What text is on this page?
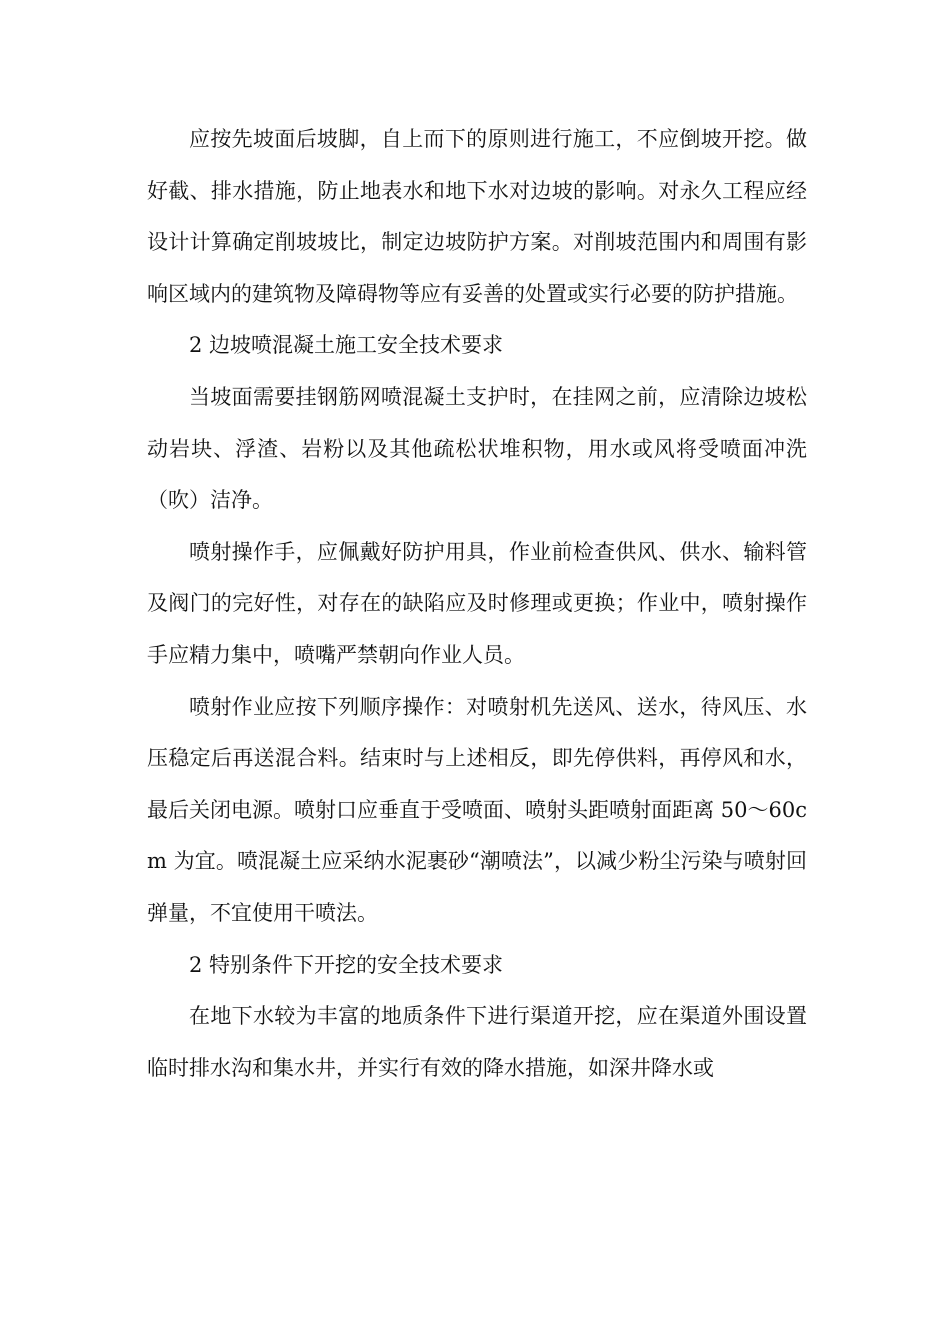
应按先坡面后坡脚，自上而下的原则进行施工，不应倒坡开挖。做好截、排水措施，防止地表水和地下水对边坡的影响。对永久工程应经设计计算确定削坡坡比，制定边坡防护方案。对削坡范围内和周围有影响区域内的建筑物及障碍物等应有妥善的处置或实行必要的防护措施。

2 边坡喷混凝土施工安全技术要求

当坡面需要挂钢筋网喷混凝土支护时，在挂网之前，应清除边坡松动岩块、浮渣、岩粉以及其他疏松状堆积物，用水或风将受喷面冲洗（吹）洁净。

喷射操作手，应佩戴好防护用具，作业前检查供风、供水、输料管及阀门的完好性，对存在的缺陷应及时修理或更换；作业中，喷射操作手应精力集中，喷嘴严禁朝向作业人员。

喷射作业应按下列顺序操作：对喷射机先送风、送水，待风压、水压稳定后再送混合料。结束时与上述相反，即先停供料，再停风和水，最后关闭电源。喷射口应垂直于受喷面、喷射头距喷射面距离 50～60cm 为宜。喷混凝土应采纳水泥裹砂“潮喷法”，以减少粉尘污染与喷射回弹量，不宜使用干喷法。

2 特别条件下开挖的安全技术要求

在地下水较为丰富的地质条件下进行渠道开挖，应在渠道外围设置临时排水沟和集水井，并实行有效的降水措施，如深井降水或
